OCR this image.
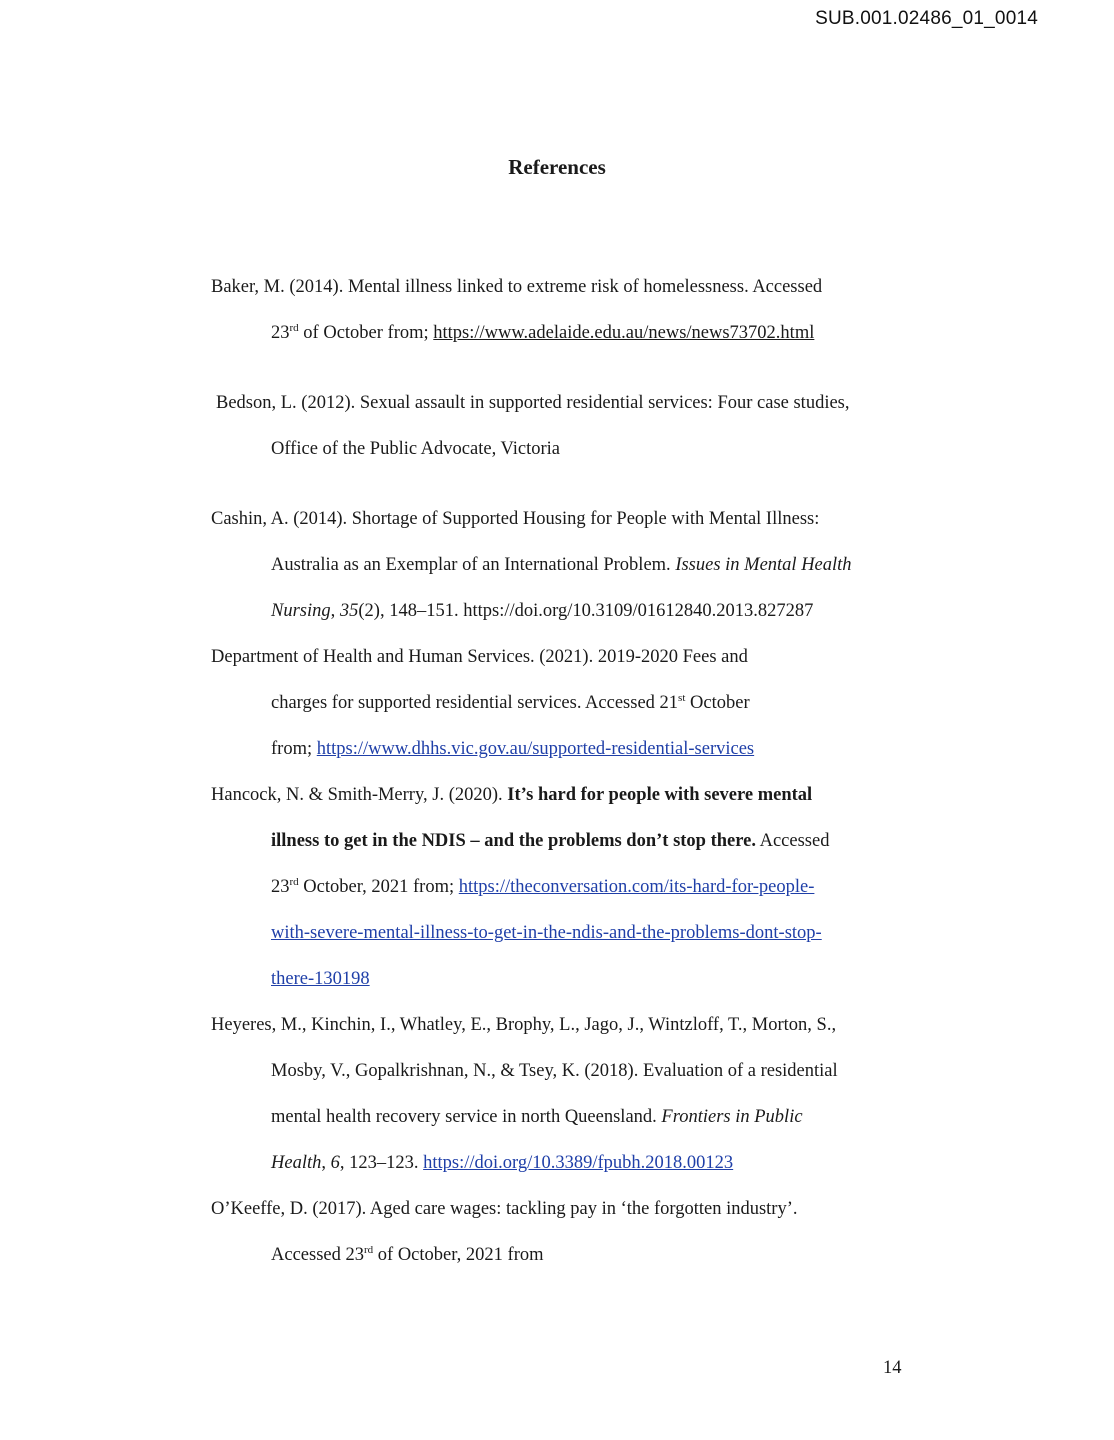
SUB.001.02486_01_0014
References
Baker, M. (2014). Mental illness linked to extreme risk of homelessness. Accessed
23rd of October from; https://www.adelaide.edu.au/news/news73702.html
Bedson, L. (2012). Sexual assault in supported residential services: Four case studies,
Office of the Public Advocate, Victoria
Cashin, A. (2014). Shortage of Supported Housing for People with Mental Illness:
Australia as an Exemplar of an International Problem. Issues in Mental Health
Nursing, 35(2), 148–151. https://doi.org/10.3109/01612840.2013.827287
Department of Health and Human Services. (2021). 2019-2020 Fees and
charges for supported residential services. Accessed 21st October
from; https://www.dhhs.vic.gov.au/supported-residential-services
Hancock, N. & Smith-Merry, J. (2020). It’s hard for people with severe mental
illness to get in the NDIS – and the problems don’t stop there. Accessed
23rd October, 2021 from; https://theconversation.com/its-hard-for-people-
with-severe-mental-illness-to-get-in-the-ndis-and-the-problems-dont-stop-
there-130198
Heyeres, M., Kinchin, I., Whatley, E., Brophy, L., Jago, J., Wintzloff, T., Morton, S.,
Mosby, V., Gopalkrishnan, N., & Tsey, K. (2018). Evaluation of a residential
mental health recovery service in north Queensland. Frontiers in Public
Health, 6, 123–123. https://doi.org/10.3389/fpubh.2018.00123
O’Keeffe, D. (2017). Aged care wages: tackling pay in ‘the forgotten industry’.
Accessed 23rd of October, 2021 from
14
